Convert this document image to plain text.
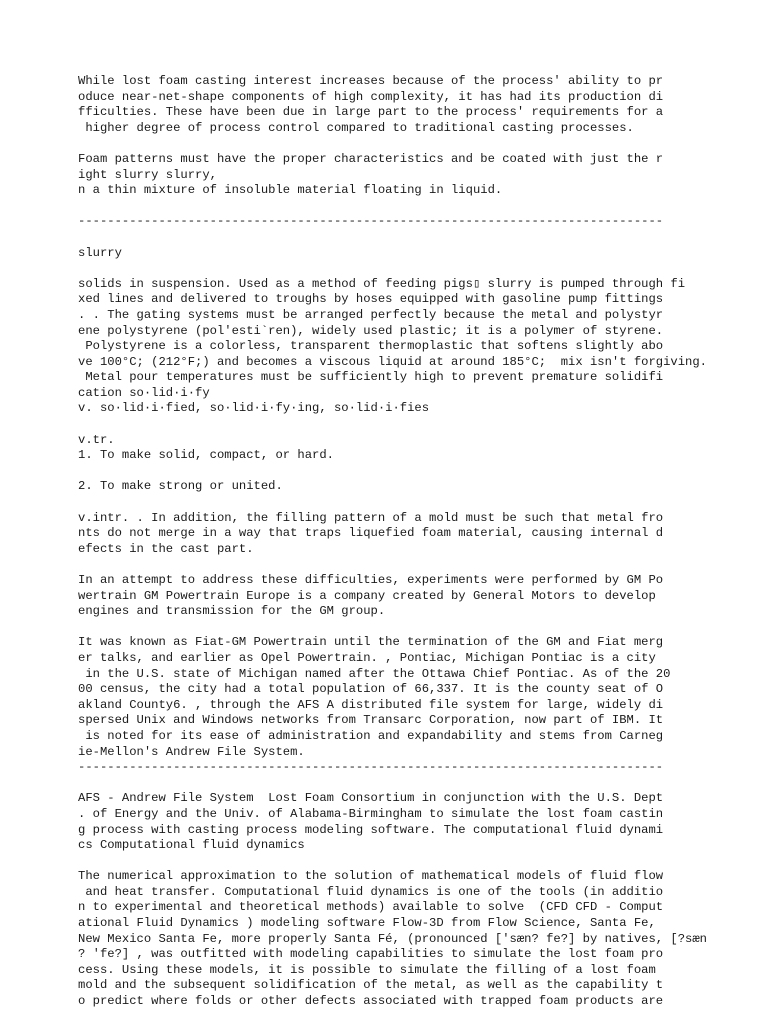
While lost foam casting interest increases because of the process' ability to pr
oduce near-net-shape components of high complexity, it has had its production di
fficulties. These have been due in large part to the process' requirements for a
higher degree of process control compared to traditional casting processes.
Foam patterns must have the proper characteristics and be coated with just the r
ight slurry slurry,
n a thin mixture of insoluble material floating in liquid.
--------------------------------------------------------------------------------
slurry
solids in suspension. Used as a method of feeding pigs▯ slurry is pumped through fi
xed lines and delivered to troughs by hoses equipped with gasoline pump fittings
. . The gating systems must be arranged perfectly because the metal and polystyr
ene polystyrene (pol'esti`ren), widely used plastic; it is a polymer of styrene.
Polystyrene is a colorless, transparent thermoplastic that softens slightly abo
ve 100°C; (212°F;) and becomes a viscous liquid at around 185°C;  mix isn't forgiving.
Metal pour temperatures must be sufficiently high to prevent premature solidifi
cation so·lid·i·fy
v. so·lid·i·fied, so·lid·i·fy·ing, so·lid·i·fies
v.tr.
1. To make solid, compact, or hard.
2. To make strong or united.
v.intr. . In addition, the filling pattern of a mold must be such that metal fro
nts do not merge in a way that traps liquefied foam material, causing internal d
efects in the cast part.
In an attempt to address these difficulties, experiments were performed by GM Po
wertrain GM Powertrain Europe is a company created by General Motors to develop
engines and transmission for the GM group.
It was known as Fiat-GM Powertrain until the termination of the GM and Fiat merg
er talks, and earlier as Opel Powertrain. , Pontiac, Michigan Pontiac is a city
in the U.S. state of Michigan named after the Ottawa Chief Pontiac. As of the 20
00 census, the city had a total population of 66,337. It is the county seat of O
akland County6. , through the AFS A distributed file system for large, widely di
spersed Unix and Windows networks from Transarc Corporation, now part of IBM. It
is noted for its ease of administration and expandability and stems from Carneg
ie-Mellon's Andrew File System.
--------------------------------------------------------------------------------
AFS - Andrew File System  Lost Foam Consortium in conjunction with the U.S. Dept
. of Energy and the Univ. of Alabama-Birmingham to simulate the lost foam castin
g process with casting process modeling software. The computational fluid dynami
cs Computational fluid dynamics
The numerical approximation to the solution of mathematical models of fluid flow
and heat transfer. Computational fluid dynamics is one of the tools (in additio
n to experimental and theoretical methods) available to solve  (CFD CFD - Comput
ational Fluid Dynamics ) modeling software Flow-3D from Flow Science, Santa Fe,
New Mexico Santa Fe, more properly Santa Fé, (pronounced ['sæn? fe?] by natives, [?sæn
? 'fe?] , was outfitted with modeling capabilities to simulate the lost foam pro
cess. Using these models, it is possible to simulate the filling of a lost foam
mold and the subsequent solidification of the metal, as well as the capability t
o predict where folds or other defects associated with trapped foam products are
